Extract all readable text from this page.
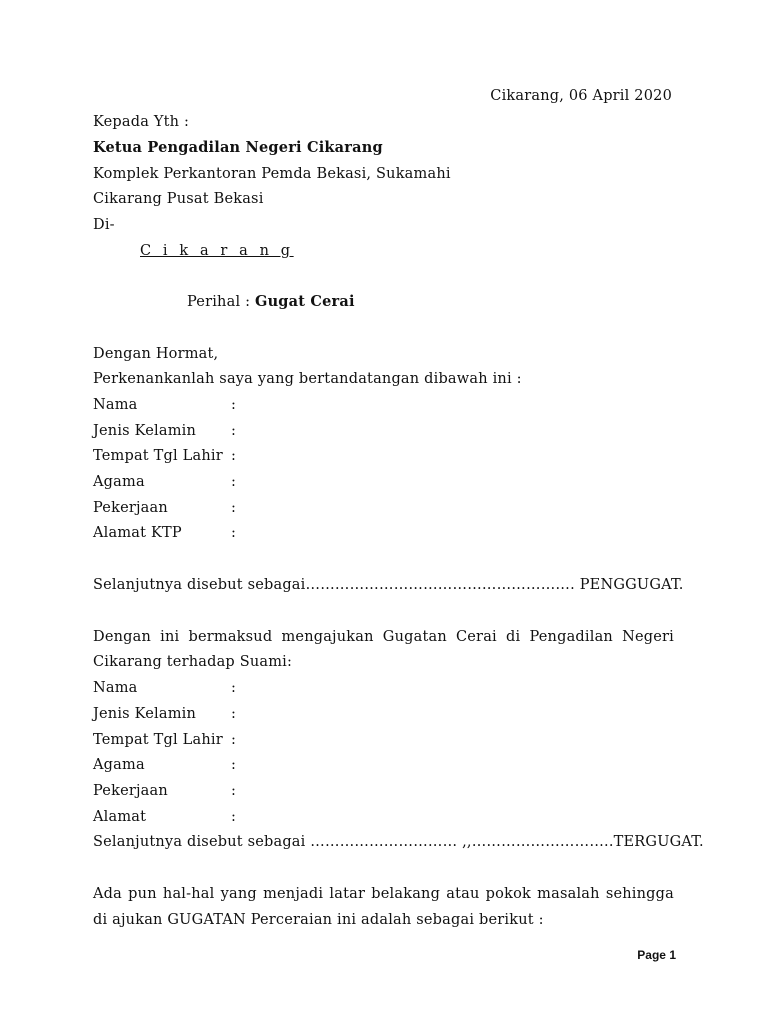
Cikarang, 06 April 2020
Kepada Yth :
Ketua Pengadilan Negeri Cikarang
Komplek Perkantoran Pemda Bekasi, Sukamahi
Cikarang Pusat Bekasi
Di-
C i k a r a n g
Perihal : Gugat Cerai
Dengan Hormat,
Perkenankanlah saya yang bertandatangan dibawah ini :
Nama	:
Jenis Kelamin :
Tempat Tgl Lahir :
Agama	:
Pekerjaan	:
Alamat KTP	:
Selanjutnya disebut sebagai………………………………………………. PENGGUGAT.
Dengan ini bermaksud mengajukan Gugatan Cerai di Pengadilan Negeri
Cikarang terhadap Suami:
Nama	:
Jenis Kelamin :
Tempat Tgl Lahir :
Agama	:
Pekerjaan	:
Alamat	:
Selanjutnya disebut sebagai ………………………… ,,………………………..TERGUGAT.
Ada pun hal-hal yang menjadi latar belakang atau pokok masalah sehingga
di ajukan GUGATAN Perceraian ini adalah sebagai berikut :
Page 1
